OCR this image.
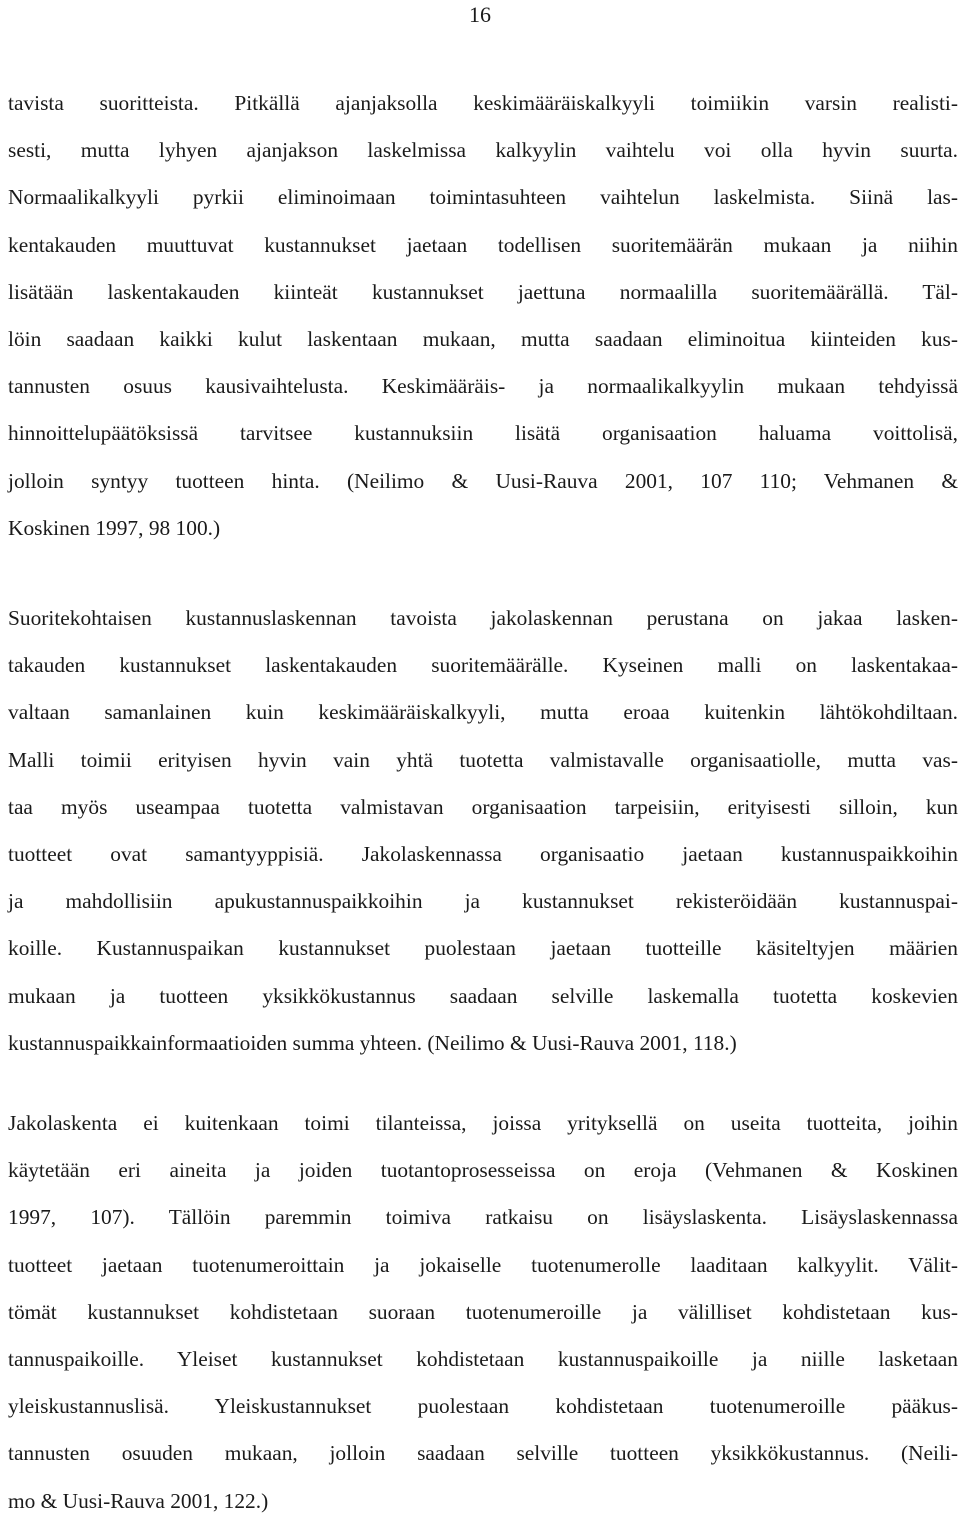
16
tavista suoritteista. Pitkällä ajanjaksolla keskimääräiskalkyyli toimiikin varsin realisti-
sesti, mutta lyhyen ajanjakson laskelmissa kalkyylin vaihtelu voi olla hyvin suurta.
Normaalikalkyyli pyrkii eliminoimaan toimintasuhteen vaihtelun laskelmista. Siinä las-
kentakauden muuttuvat kustannukset jaetaan todellisen suoritemäärän mukaan ja niihin
lisätään laskentakauden kiinteät kustannukset jaettuna normaalilla suoritemäärällä. Täl-
löin saadaan kaikki kulut laskentaan mukaan, mutta saadaan eliminoitua kiinteiden kus-
tannusten osuus kausivaihtelusta. Keskimääräis- ja normaalikalkyylin mukaan tehdyissä
hinnoittelupäätöksissä tarvitsee kustannuksiin lisätä organisaation haluama voittolisä,
jolloin syntyy tuotteen hinta. (Neilimo & Uusi-Rauva 2001, 107 110; Vehmanen &
Koskinen 1997, 98 100.)
Suoritekohtaisen kustannuslaskennan tavoista jakolaskennan perustana on jakaa lasken-
takauden kustannukset laskentakauden suoritemäärälle. Kyseinen malli on laskentakaa-
valtaan samanlainen kuin keskimääräiskalkyyli, mutta eroaa kuitenkin lähtökohdiltaan.
Malli toimii erityisen hyvin vain yhtä tuotetta valmistavalle organisaatiolle, mutta vas-
taa myös useampaa tuotetta valmistavan organisaation tarpeisiin, erityisesti silloin, kun
tuotteet ovat samantyyppisiä. Jakolaskennassa organisaatio jaetaan kustannuspaikkoihin
ja mahdollisiin apukustannuspaikkoihin ja kustannukset rekisteröidään kustannuspai-
koille. Kustannuspaikan kustannukset puolestaan jaetaan tuotteille käsiteltyjen määrien
mukaan ja tuotteen yksikkökustannus saadaan selville laskemalla tuotetta koskevien
kustannuspaikkainformaatioiden summa yhteen. (Neilimo & Uusi-Rauva 2001, 118.)
Jakolaskenta ei kuitenkaan toimi tilanteissa, joissa yrityksellä on useita tuotteita, joihin
käytetään eri aineita ja joiden tuotantoprosesseissa on eroja (Vehmanen & Koskinen
1997, 107). Tällöin paremmin toimiva ratkaisu on lisäyslaskenta. Lisäyslaskennassa
tuotteet jaetaan tuotenumeroittain ja jokaiselle tuotenumerolle laaditaan kalkyylit. Välit-
tömät kustannukset kohdistetaan suoraan tuotenumeroille ja välilliset kohdistetaan kus-
tannuspaikoille. Yleiset kustannukset kohdistetaan kustannuspaikoille ja niille lasketaan
yleiskustannuslisä. Yleiskustannukset puolestaan kohdistetaan tuotenumeroille pääkus-
tannusten osuuden mukaan, jolloin saadaan selville tuotteen yksikkökustannus. (Neili-
mo & Uusi-Rauva 2001, 122.)
